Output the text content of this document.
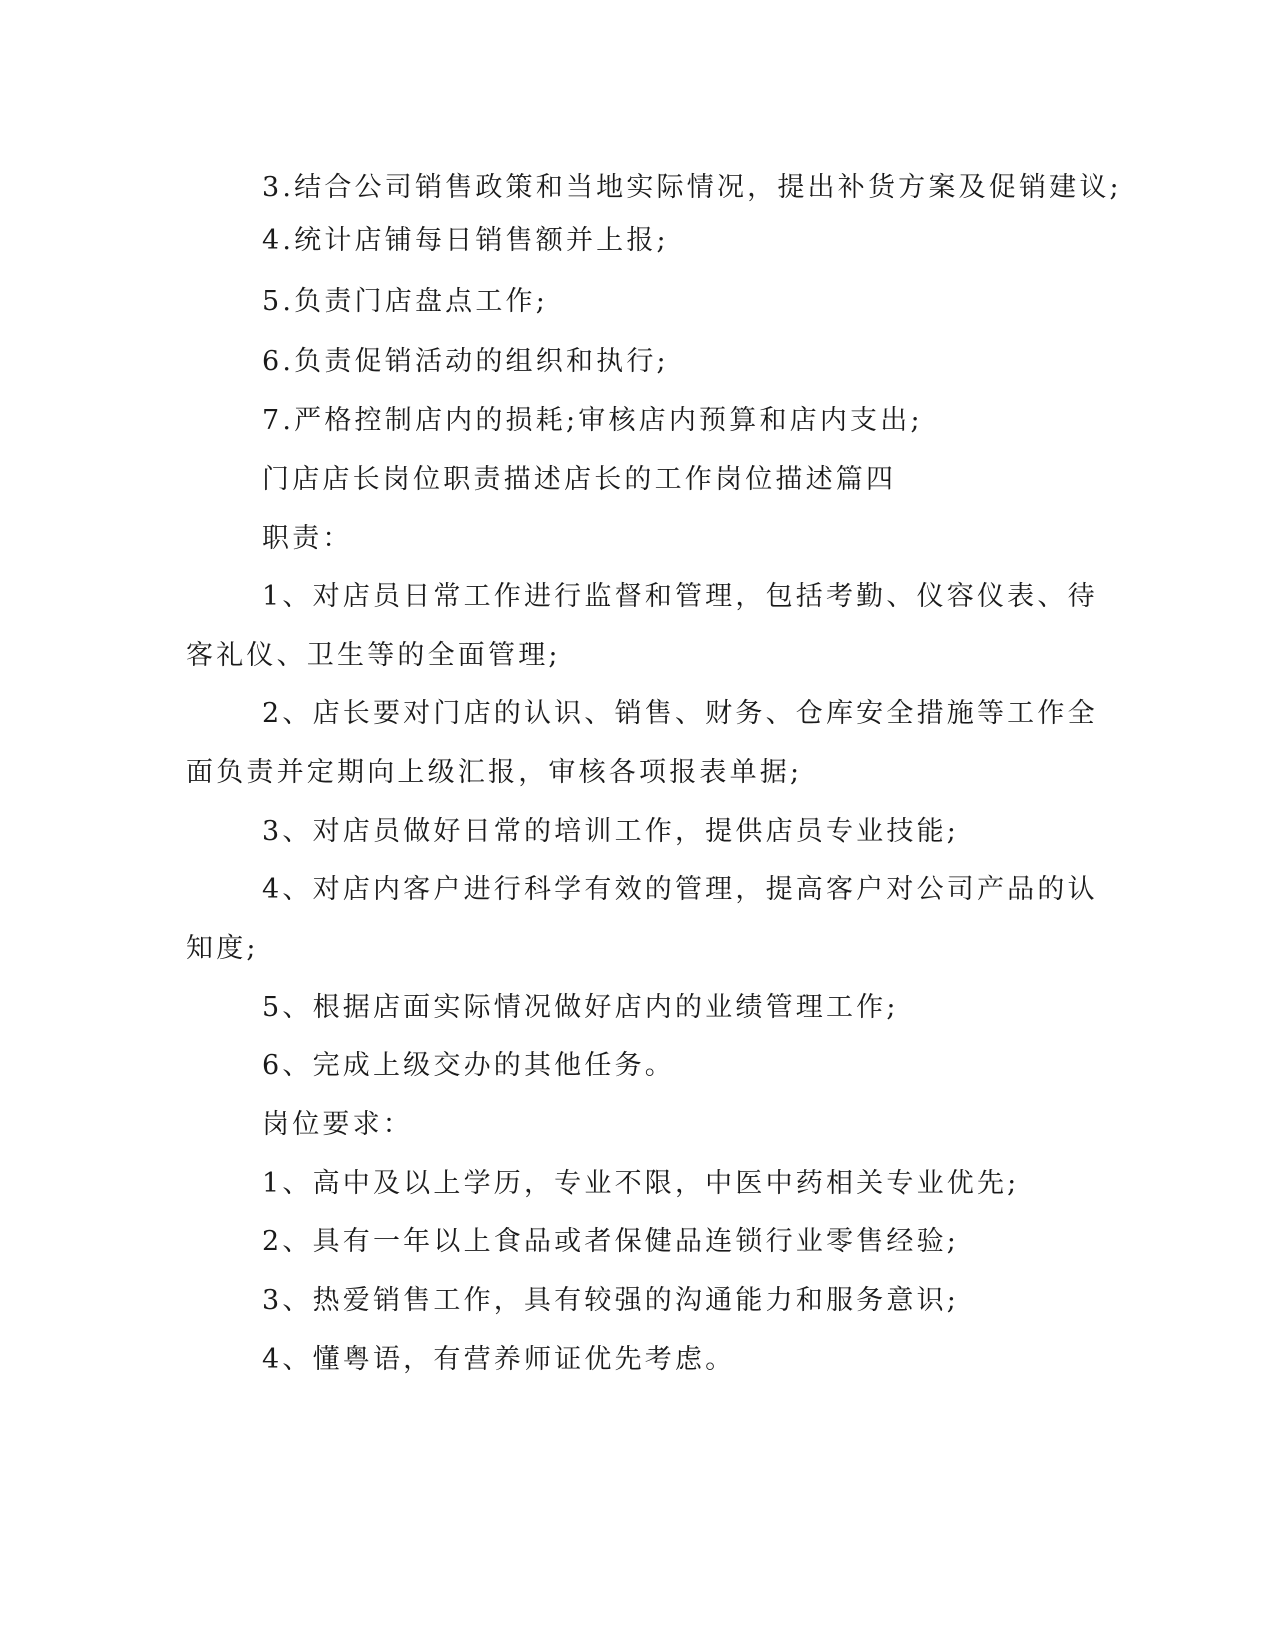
3.结合公司销售政策和当地实际情况，提出补货方案及促销建议;
4.统计店铺每日销售额并上报;
5.负责门店盘点工作;
6.负责促销活动的组织和执行;
7.严格控制店内的损耗;审核店内预算和店内支出;
门店店长岗位职责描述店长的工作岗位描述篇四
职责：
1、对店员日常工作进行监督和管理，包括考勤、仪容仪表、待
客礼仪、卫生等的全面管理;
2、店长要对门店的认识、销售、财务、仓库安全措施等工作全
面负责并定期向上级汇报，审核各项报表单据;
3、对店员做好日常的培训工作，提供店员专业技能;
4、对店内客户进行科学有效的管理，提高客户对公司产品的认
知度;
5、根据店面实际情况做好店内的业绩管理工作;
6、完成上级交办的其他任务。
岗位要求：
1、高中及以上学历，专业不限，中医中药相关专业优先;
2、具有一年以上食品或者保健品连锁行业零售经验;
3、热爱销售工作，具有较强的沟通能力和服务意识;
4、懂粤语，有营养师证优先考虑。
